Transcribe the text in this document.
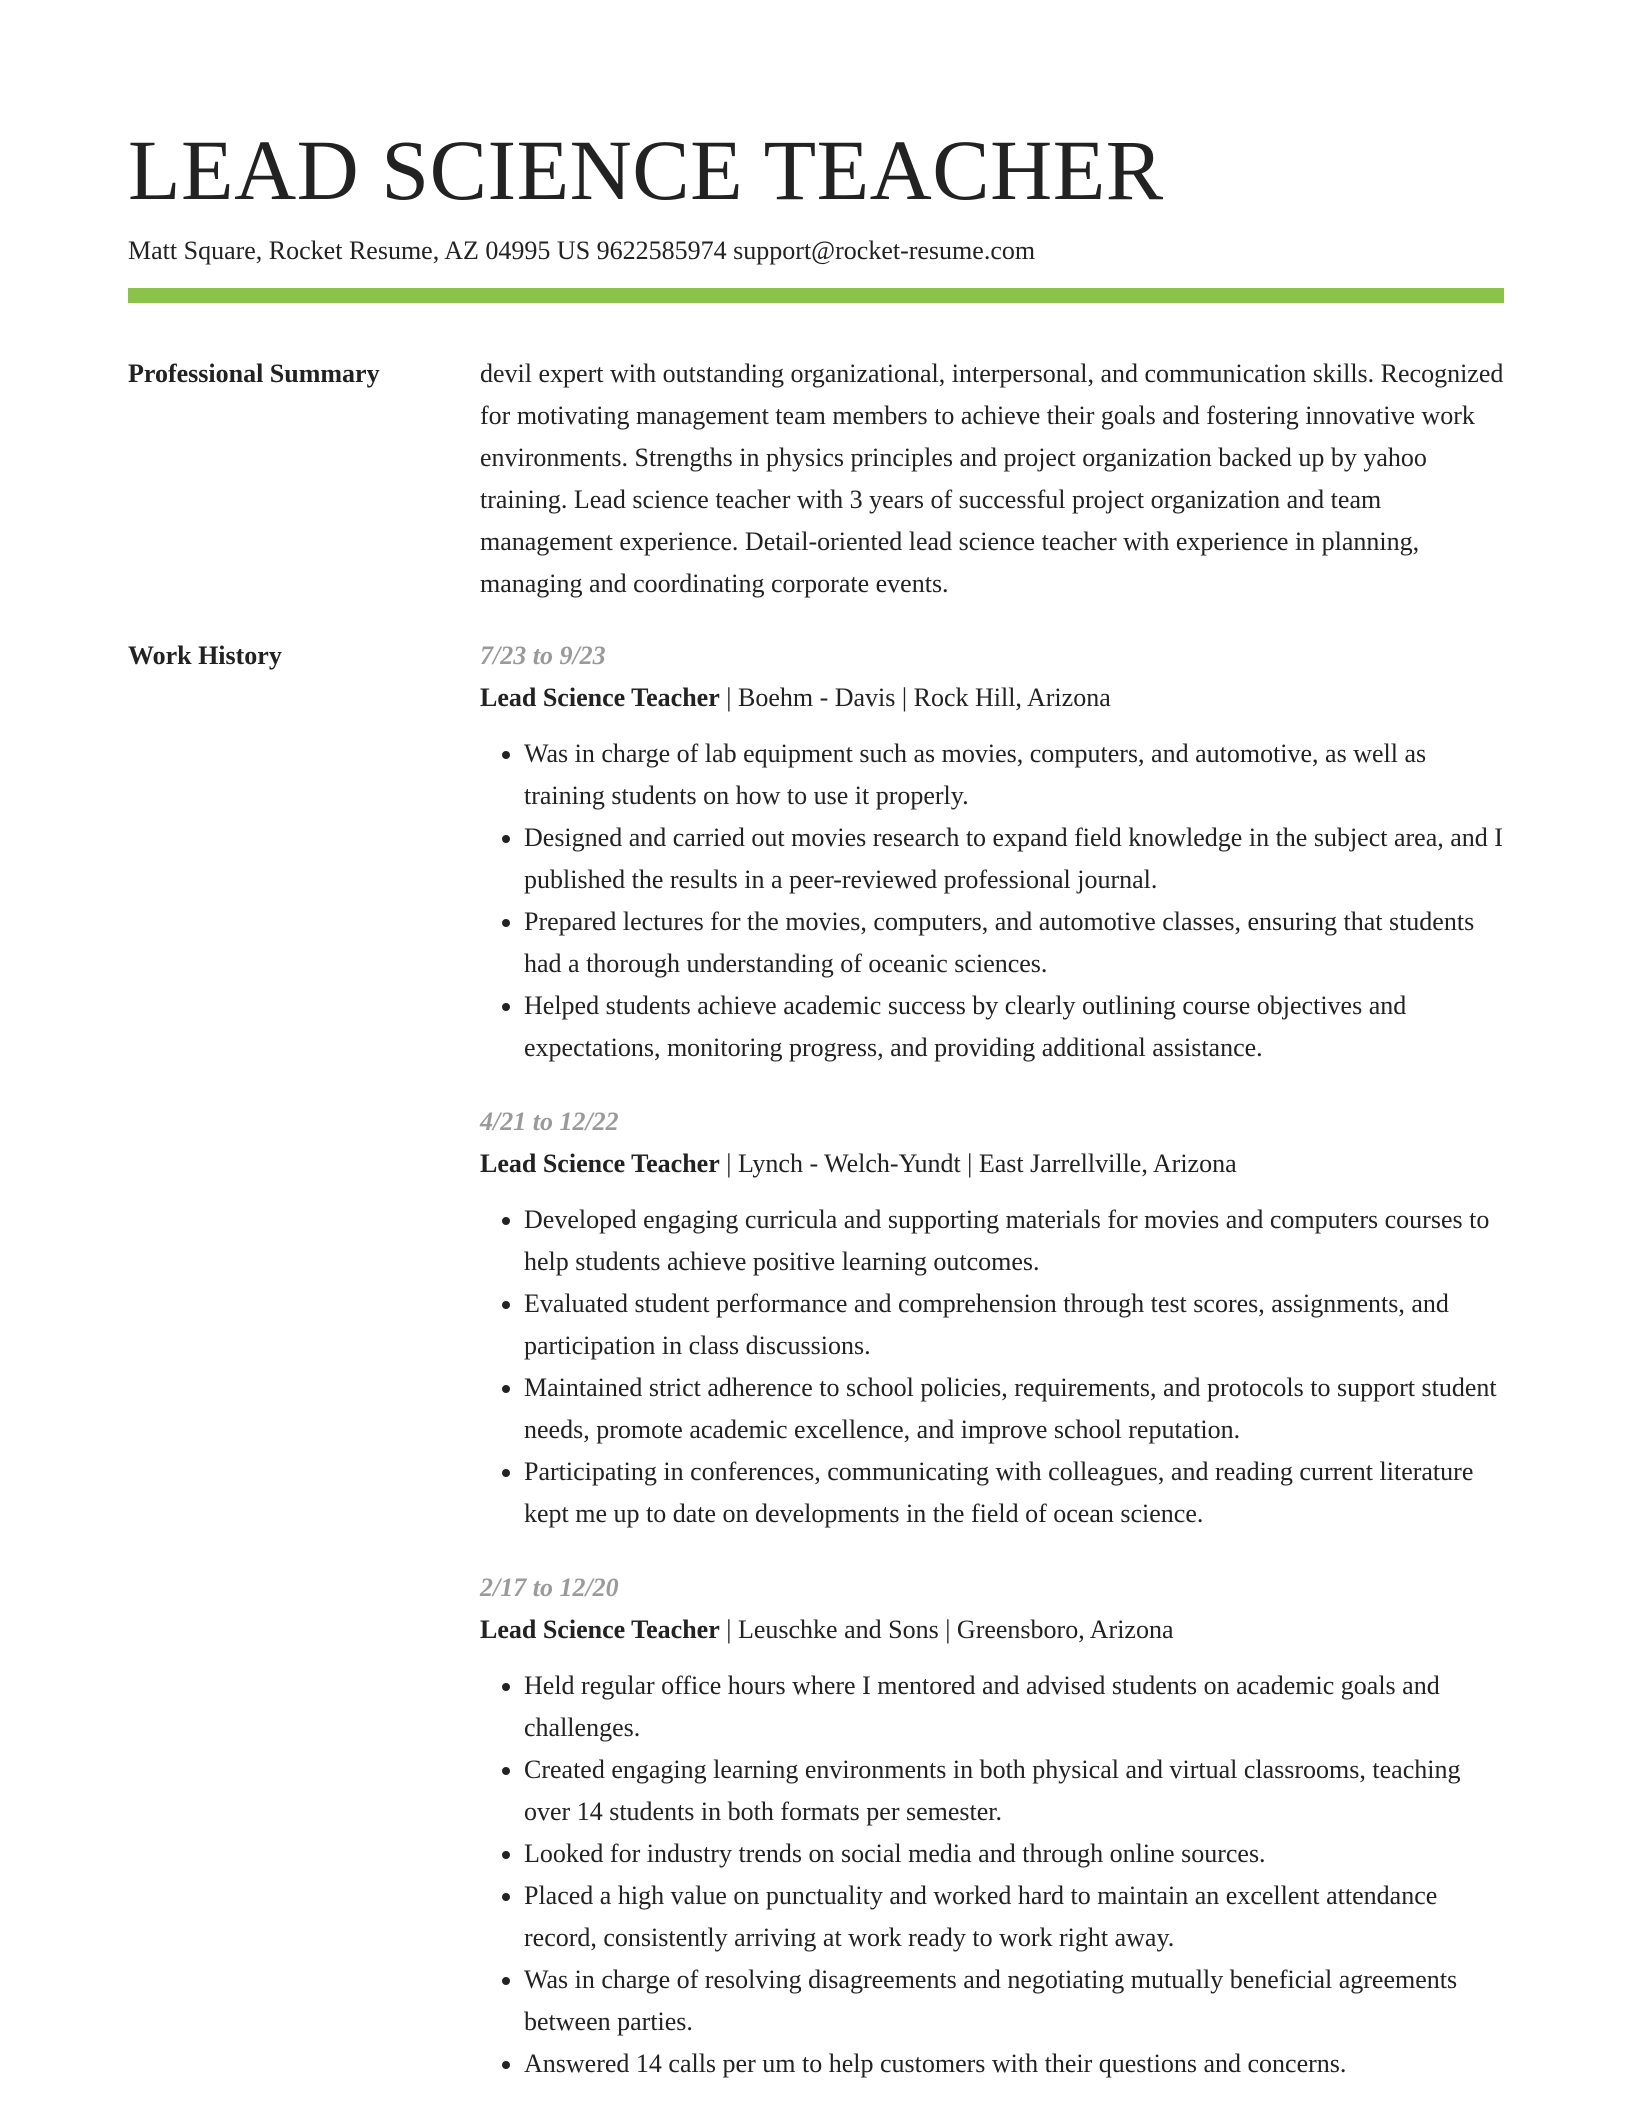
LEAD SCIENCE TEACHER
Matt Square, Rocket Resume, AZ 04995 US 9622585974 support@rocket-resume.com
Professional Summary	devil expert with outstanding organizational, interpersonal, and communication skills. Recognized for motivating management team members to achieve their goals and fostering innovative work environments. Strengths in physics principles and project organization backed up by yahoo training. Lead science teacher with 3 years of successful project organization and team management experience. Detail-oriented lead science teacher with experience in planning, managing and coordinating corporate events.
Work History	7/23 to 9/23
Lead Science Teacher | Boehm - Davis | Rock Hill, Arizona
• Was in charge of lab equipment such as movies, computers, and automotive, as well as training students on how to use it properly.
• Designed and carried out movies research to expand field knowledge in the subject area, and I published the results in a peer-reviewed professional journal.
• Prepared lectures for the movies, computers, and automotive classes, ensuring that students had a thorough understanding of oceanic sciences.
• Helped students achieve academic success by clearly outlining course objectives and expectations, monitoring progress, and providing additional assistance.
4/21 to 12/22
Lead Science Teacher | Lynch - Welch-Yundt | East Jarrellville, Arizona
• Developed engaging curricula and supporting materials for movies and computers courses to help students achieve positive learning outcomes.
• Evaluated student performance and comprehension through test scores, assignments, and participation in class discussions.
• Maintained strict adherence to school policies, requirements, and protocols to support student needs, promote academic excellence, and improve school reputation.
• Participating in conferences, communicating with colleagues, and reading current literature kept me up to date on developments in the field of ocean science.
2/17 to 12/20
Lead Science Teacher | Leuschke and Sons | Greensboro, Arizona
• Held regular office hours where I mentored and advised students on academic goals and challenges.
• Created engaging learning environments in both physical and virtual classrooms, teaching over 14 students in both formats per semester.
• Looked for industry trends on social media and through online sources.
• Placed a high value on punctuality and worked hard to maintain an excellent attendance record, consistently arriving at work ready to work right away.
• Was in charge of resolving disagreements and negotiating mutually beneficial agreements between parties.
• Answered 14 calls per um to help customers with their questions and concerns.
